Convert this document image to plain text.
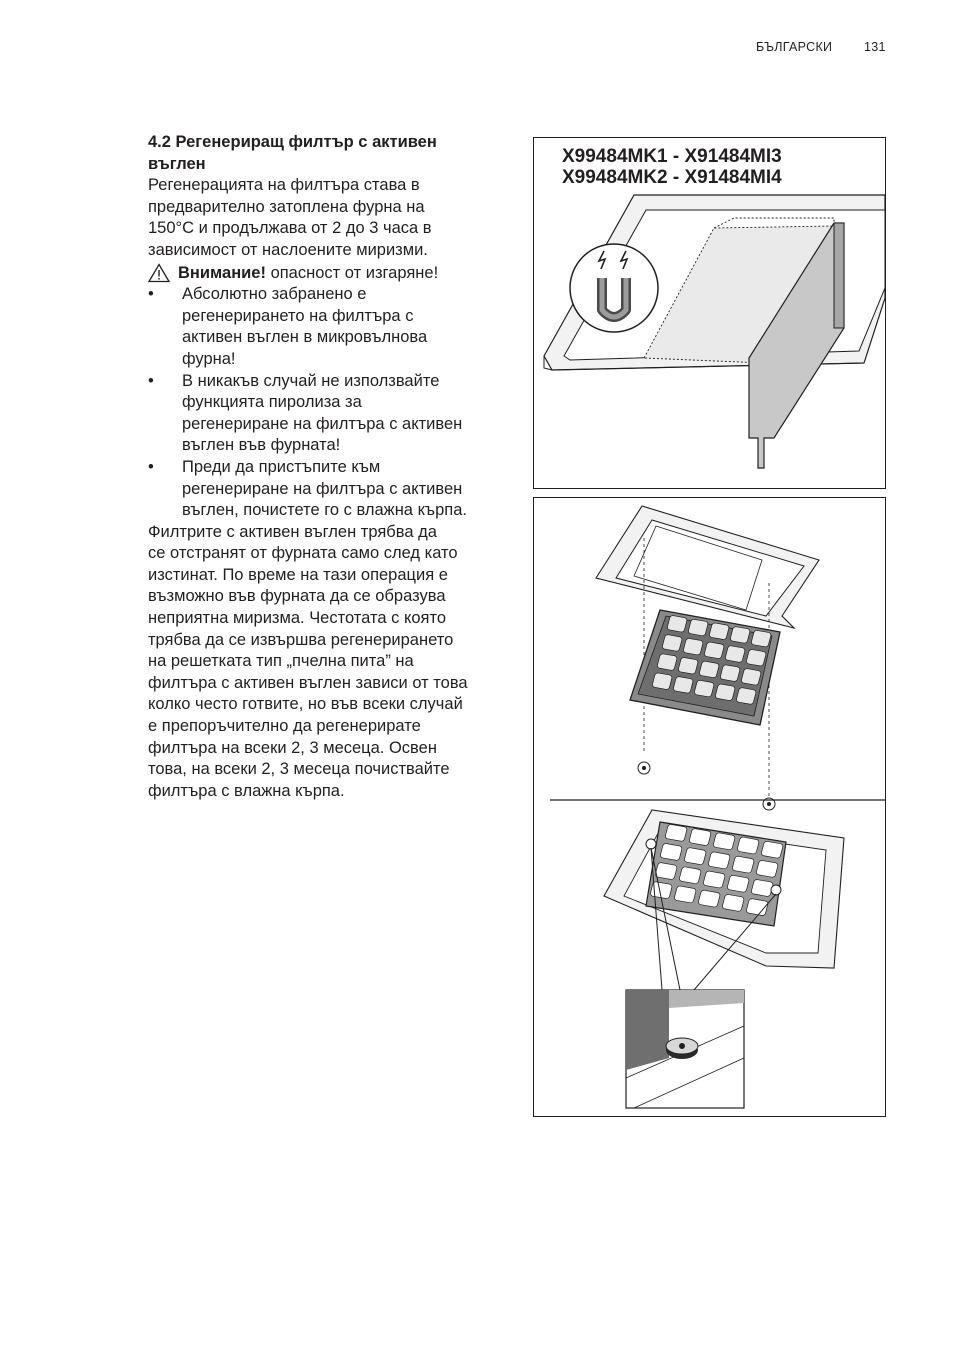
БЪЛГАРСКИ	131

4.2 Регенериращ филтър с активен

въглен

Регенерацията на филтъра става в

предварително затоплена фурна на

150°C и продължава от 2 до 3 часа в

зависимост от наслоените миризми.

Внимание! опасност от изгаряне!
• Абсолютно забранено е

регенерирането на филтъра с

активен въглен в микровълнова

фурна!

• В никакъв случай не използвайте

функцията пиролиза за

регенериране на филтъра с активен

въглен във фурната!

• Преди да пристъпите към

регенериране на филтъра с активен

въглен, почистете го с влажна кърпа.

Филтрите с активен въглен трябва да

се отстранят от фурната само след като

изстинат. По време на тази операция е

възможно във фурната да се образува

неприятна миризма. Честотата с която

трябва да се извършва регенерирането

на решетката тип „пчелна пита” на

филтъра с активен въглен зависи от това

колко често готвите, но във всеки случай

е препоръчително да регенерирате

филтъра на всеки 2, 3 месеца. Освен

това, на всеки 2, 3 месеца почиствайте

филтъра с влажна кърпа.

X99484MK1 - X91484MI3
X99484MK2 - X91484MI4
